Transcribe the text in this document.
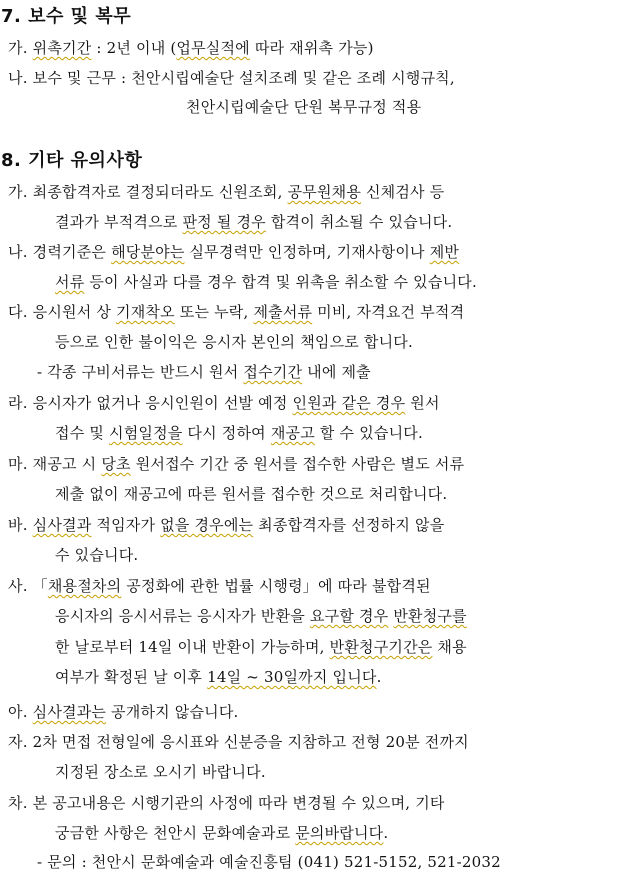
7. 보수 및 복무
가. 위촉기간 : 2년 이내 (업무실적에 따라 재위촉 가능)
나. 보수 및 근무 : 천안시립예술단 설치조례 및 같은 조례 시행규칙,
천안시립예술단 단원 복무규정 적용
8. 기타 유의사항
가. 최종합격자로 결정되더라도 신원조회, 공무원채용 신체검사 등
결과가 부적격으로 판정 될 경우 합격이 취소될 수 있습니다.
나. 경력기준은 해당분야는 실무경력만 인정하며, 기재사항이나 제반
서류 등이 사실과 다를 경우 합격 및 위촉을 취소할 수 있습니다.
다. 응시원서 상 기재착오 또는 누락, 제출서류 미비, 자격요건 부적격
등으로 인한 불이익은 응시자 본인의 책임으로 합니다.
- 각종 구비서류는 반드시 원서 접수기간 내에 제출
라. 응시자가 없거나 응시인원이 선발 예정 인원과 같은 경우 원서
접수 및 시험일정을 다시 정하여 재공고 할 수 있습니다.
마. 재공고 시 당초 원서접수 기간 중 원서를 접수한 사람은 별도 서류
제출 없이 재공고에 따른 원서를 접수한 것으로 처리합니다.
바. 심사결과 적임자가 없을 경우에는 최종합격자를 선정하지 않을
수 있습니다.
사. 「채용절차의 공정화에 관한 법률 시행령」에 따라 불합격된
응시자의 응시서류는 응시자가 반환을 요구할 경우 반환청구를
한 날로부터 14일 이내 반환이 가능하며, 반환청구기간은 채용
여부가 확정된 날 이후 14일 ~ 30일까지 입니다.
아. 심사결과는 공개하지 않습니다.
자. 2차 면접 전형일에 응시표와 신분증을 지참하고 전형 20분 전까지
지정된 장소로 오시기 바랍니다.
차. 본 공고내용은 시행기관의 사정에 따라 변경될 수 있으며, 기타
궁금한 사항은 천안시 문화예술과로 문의바랍니다.
- 문의 : 천안시 문화예술과 예술진흥팀 (041) 521-5152, 521-2032
